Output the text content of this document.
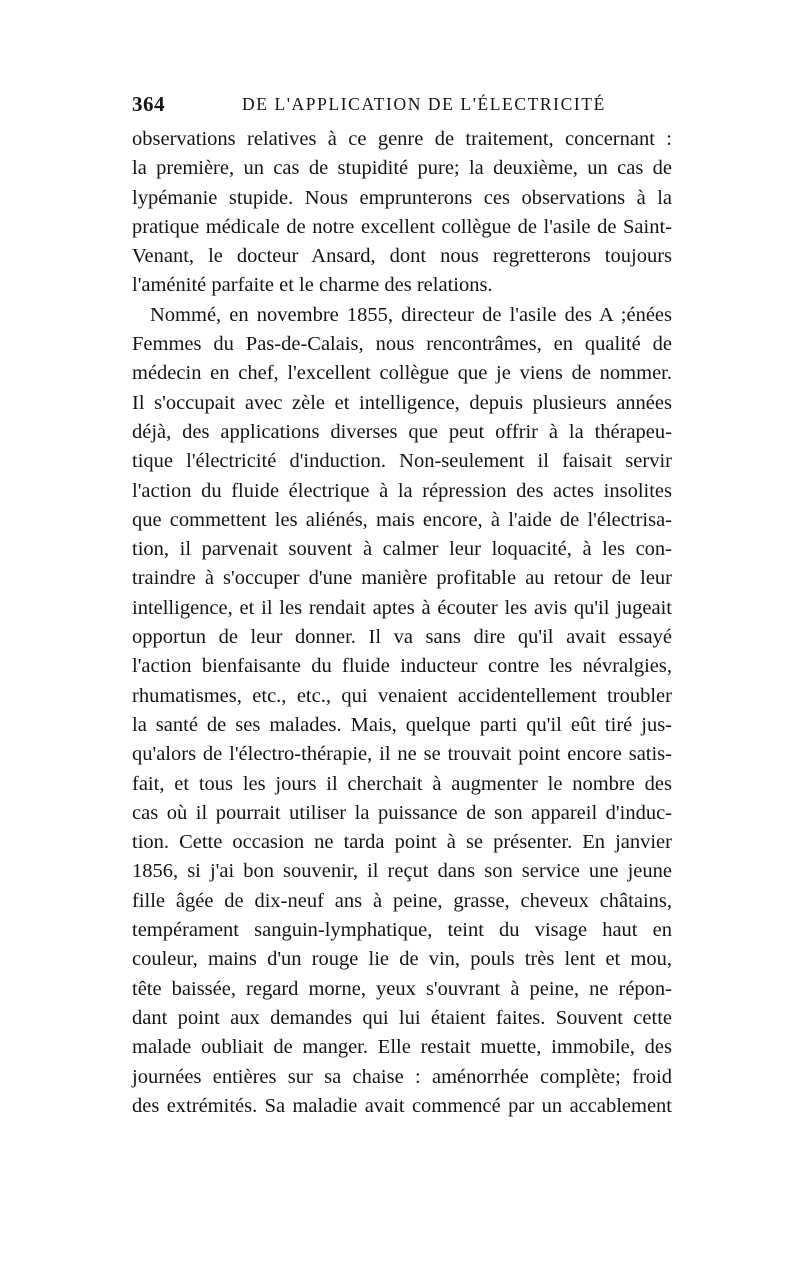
364	DE L'APPLICATION DE L'ÉLECTRICITÉ
observations relatives à ce genre de traitement, concernant :
la première, un cas de stupidité pure; la deuxième, un cas de
lypémanie stupide. Nous emprunterons ces observations à la
pratique médicale de notre excellent collègue de l'asile de Saint-
Venant, le docteur Ansard, dont nous regretterons toujours
l'aménité parfaite et le charme des relations.
Nommé, en novembre 1855, directeur de l'asile des A ;énées
Femmes du Pas-de-Calais, nous rencontrâmes, en qualité de
médecin en chef, l'excellent collègue que je viens de nommer.
Il s'occupait avec zèle et intelligence, depuis plusieurs années
déjà, des applications diverses que peut offrir à la thérapeu-
tique l'électricité d'induction. Non-seulement il faisait servir
l'action du fluide électrique à la répression des actes insolites
que commettent les aliénés, mais encore, à l'aide de l'électrisa-
tion, il parvenait souvent à calmer leur loquacité, à les con-
traindre à s'occuper d'une manière profitable au retour de leur
intelligence, et il les rendait aptes à écouter les avis qu'il jugeait
opportun de leur donner. Il va sans dire qu'il avait essayé
l'action bienfaisante du fluide inducteur contre les névralgies,
rhumatismes, etc., etc., qui venaient accidentellement troubler
la santé de ses malades. Mais, quelque parti qu'il eût tiré jus-
qu'alors de l'électro-thérapie, il ne se trouvait point encore satis-
fait, et tous les jours il cherchait à augmenter le nombre des
cas où il pourrait utiliser la puissance de son appareil d'induc-
tion. Cette occasion ne tarda point à se présenter. En janvier
1856, si j'ai bon souvenir, il reçut dans son service une jeune
fille âgée de dix-neuf ans à peine, grasse, cheveux châtains,
tempérament sanguin-lymphatique, teint du visage haut en
couleur, mains d'un rouge lie de vin, pouls très lent et mou,
tête baissée, regard morne, yeux s'ouvrant à peine, ne répon-
dant point aux demandes qui lui étaient faites. Souvent cette
malade oubliait de manger. Elle restait muette, immobile, des
journées entières sur sa chaise : aménorrhée complète; froid
des extrémités. Sa maladie avait commencé par un accablement
